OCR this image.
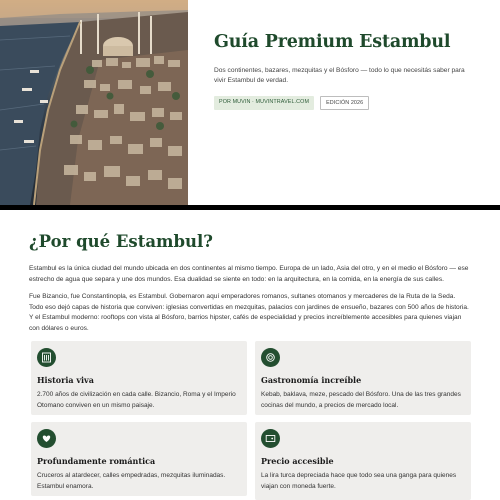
Guía Premium Estambul

Dos continentes, bazares, mezquitas y el Bósforo — todo lo que necesitás saber para vivir Estambul de verdad.

POR MUVIN · MUVINTRAVEL.COM	EDICIÓN 2026
¿Por qué Estambul?

Estambul es la única ciudad del mundo ubicada en dos continentes al mismo tiempo. Europa de un lado, Asia del otro, y en el medio el Bósforo — ese estrecho de agua que separa y une dos mundos. Esa dualidad se siente en todo: en la arquitectura, en la comida, en la energía de sus calles.

Fue Bizancio, fue Constantinopla, es Estambul. Gobernaron aquí emperadores romanos, sultanes otomanos y mercaderes de la Ruta de la Seda. Todo eso dejó capas de historia que conviven: iglesias convertidas en mezquitas, palacios con jardines de ensueño, bazares con 500 años de historia. Y el Estambul moderno: rooftops con vista al Bósforo, barrios hipster, cafés de especialidad y precios increíblemente accesibles para quienes viajan con dólares o euros.

Historia viva
2.700 años de civilización en cada calle. Bizancio, Roma y el Imperio Otomano conviven en un mismo paisaje.
Gastronomía increíble
Kebab, baklava, meze, pescado del Bósforo. Una de las tres grandes cocinas del mundo, a precios de mercado local.
Profundamente romántica
Cruceros al atardecer, calles empedradas, mezquitas iluminadas. Estambul enamora.
Precio accesible
La lira turca depreciada hace que todo sea una ganga para quienes viajan con moneda fuerte.
